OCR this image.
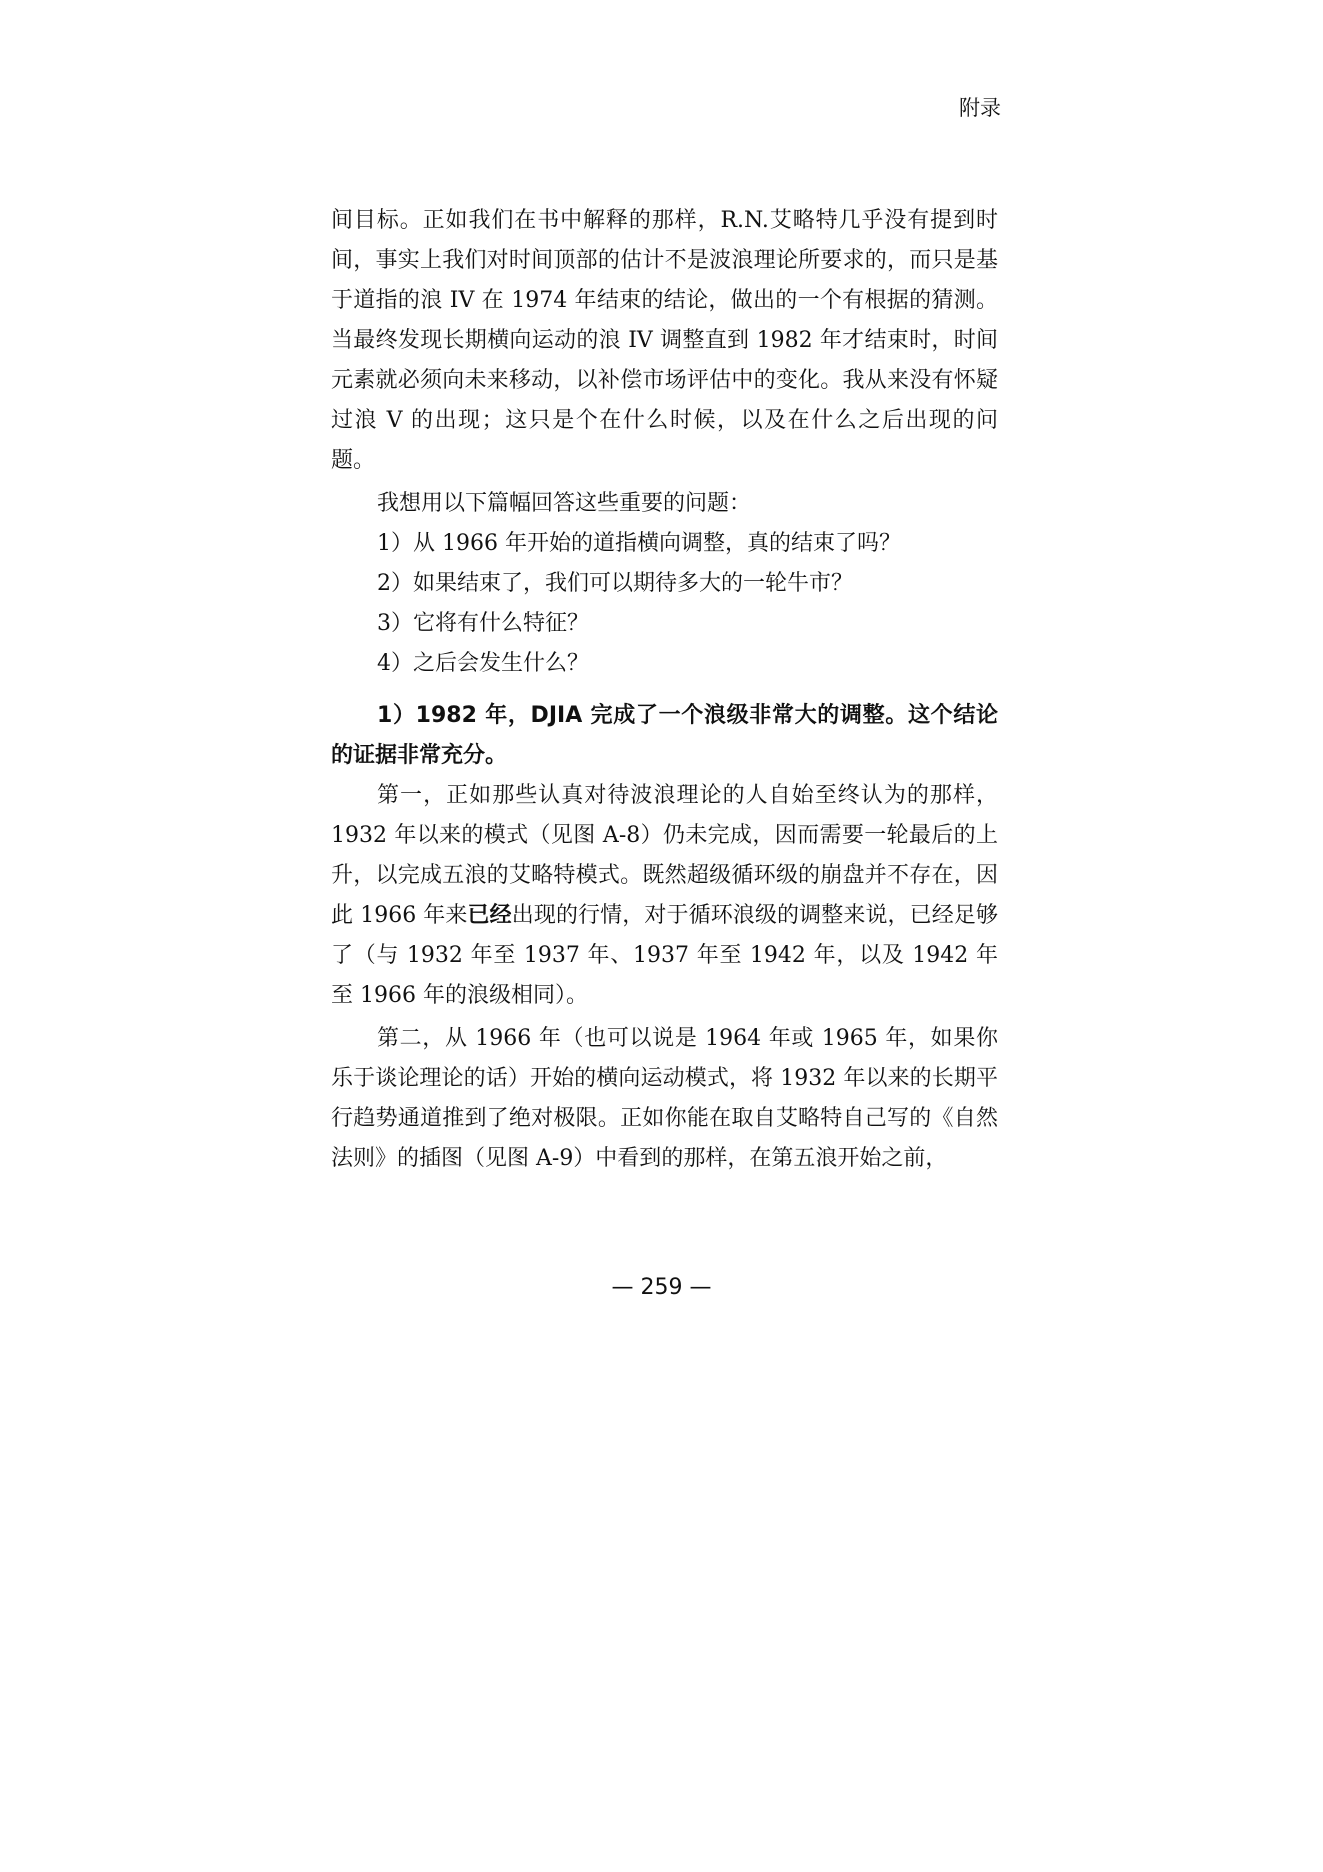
附录

间目标。正如我们在书中解释的那样，R.N.艾略特几乎没有提到时间，事实上我们对时间顶部的估计不是波浪理论所要求的，而只是基于道指的浪 IV 在 1974 年结束的结论，做出的一个有根据的猜测。当最终发现长期横向运动的浪 IV 调整直到 1982 年才结束时，时间元素就必须向未来移动，以补偿市场评估中的变化。我从来没有怀疑过浪 V 的出现；这只是个在什么时候，以及在什么之后出现的问题。

我想用以下篇幅回答这些重要的问题：

1）从 1966 年开始的道指横向调整，真的结束了吗？
2）如果结束了，我们可以期待多大的一轮牛市？
3）它将有什么特征？
4）之后会发生什么？

1）1982 年，DJIA 完成了一个浪级非常大的调整。这个结论的证据非常充分。

第一，正如那些认真对待波浪理论的人自始至终认为的那样，1932 年以来的模式（见图 A-8）仍未完成，因而需要一轮最后的上升，以完成五浪的艾略特模式。既然超级循环级的崩盘并不存在，因此 1966 年来已经出现的行情，对于循环浪级的调整来说，已经足够了（与 1932 年至 1937 年、1937 年至 1942 年，以及 1942 年至 1966 年的浪级相同）。

第二，从 1966 年（也可以说是 1964 年或 1965 年，如果你乐于谈论理论的话）开始的横向运动模式，将 1932 年以来的长期平行趋势通道推到了绝对极限。正如你能在取自艾略特自己写的《自然法则》的插图（见图 A-9）中看到的那样，在第五浪开始之前，

— 259 —
